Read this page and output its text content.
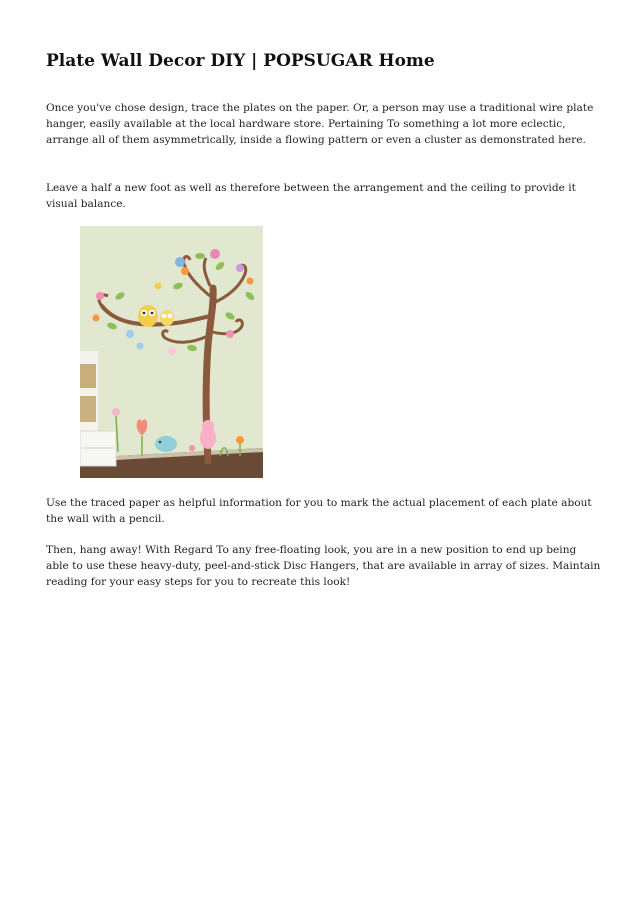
Plate Wall Decor DIY | POPSUGAR Home

Once you've chose design, trace the plates on the paper. Or, a person may use a traditional wire plate hanger, easily available at the local hardware store. Pertaining To something a lot more eclectic, arrange all of them asymmetrically, inside a flowing pattern or even a cluster as demonstrated here.

Leave a half a new foot as well as therefore between the arrangement and the ceiling to provide it visual balance.

Use the traced paper as helpful information for you to mark the actual placement of each plate about the wall with a pencil.

Then, hang away! With Regard To any free-floating look, you are in a new position to end up being able to use these heavy-duty, peel-and-stick Disc Hangers, that are available in array of sizes. Maintain reading for your easy steps for you to recreate this look!
